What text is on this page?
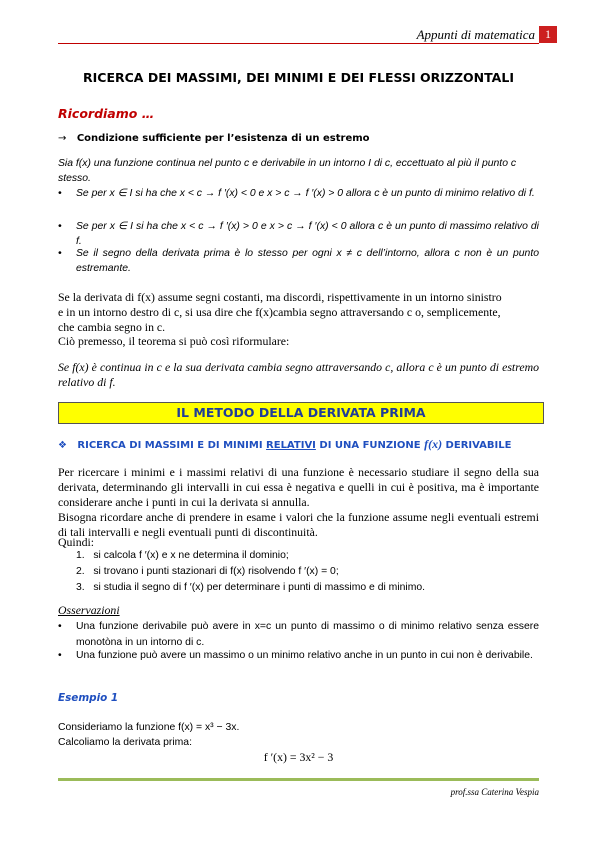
Appunti di matematica 1
RICERCA DEI MASSIMI, DEI MINIMI E DEI FLESSI ORIZZONTALI
Ricordiamo …
→ Condizione sufficiente per l’esistenza di un estremo
Sia f(x) una funzione continua nel punto c e derivabile in un intorno I di c, eccettuato al più il punto c
stesso.
• Se per x ∈ I si ha che x < c → f ′(x) < 0 e x > c → f ′(x) > 0 allora c è un punto di minimo relativo di f.
• Se per x ∈ I si ha che x < c → f ′(x) > 0 e x > c → f ′(x) < 0 allora c è un punto di massimo relativo di f.
• Se il segno della derivata prima è lo stesso per ogni x ≠ c dell’intorno, allora c non è un punto estremante.
Se la derivata di f(x) assume segni costanti, ma discordi, rispettivamente in un intorno sinistro
e in un intorno destro di c, si usa dire che f(x)cambia segno attraversando c o, semplicemente,
che cambia segno in c.
Ciò premesso, il teorema si può così riformulare:
Se f(x) è continua in c e la sua derivata cambia segno attraversando c, allora c è un punto di estremo relativo di f.
IL METODO DELLA DERIVATA PRIMA
❖ RICERCA DI MASSIMI E DI MINIMI RELATIVI DI UNA FUNZIONE f(x) DERIVABILE
Per ricercare i minimi e i massimi relativi di una funzione è necessario studiare il segno della sua derivata, determinando gli intervalli in cui essa è negativa e quelli in cui è positiva, ma è importante considerare anche i punti in cui la derivata si annulla.
Bisogna ricordare anche di prendere in esame i valori che la funzione assume negli eventuali estremi di tali intervalli e negli eventuali punti di discontinuità.
Quindi:
1. si calcola f ′(x) e x ne determina il dominio;
2. si trovano i punti stazionari di f(x) risolvendo f ′(x) = 0;
3. si studia il segno di f ′(x) per determinare i punti di massimo e di minimo.
Osservazioni
• Una funzione derivabile può avere in x=c un punto di massimo o di minimo relativo senza essere monotòna in un intorno di c.
• Una funzione può avere un massimo o un minimo relativo anche in un punto in cui non è derivabile.
Esempio 1
Consideriamo la funzione f(x) = x³ − 3x.
Calcoliamo la derivata prima:
f ′(x) = 3x² − 3
prof.ssa Caterina Vespia
